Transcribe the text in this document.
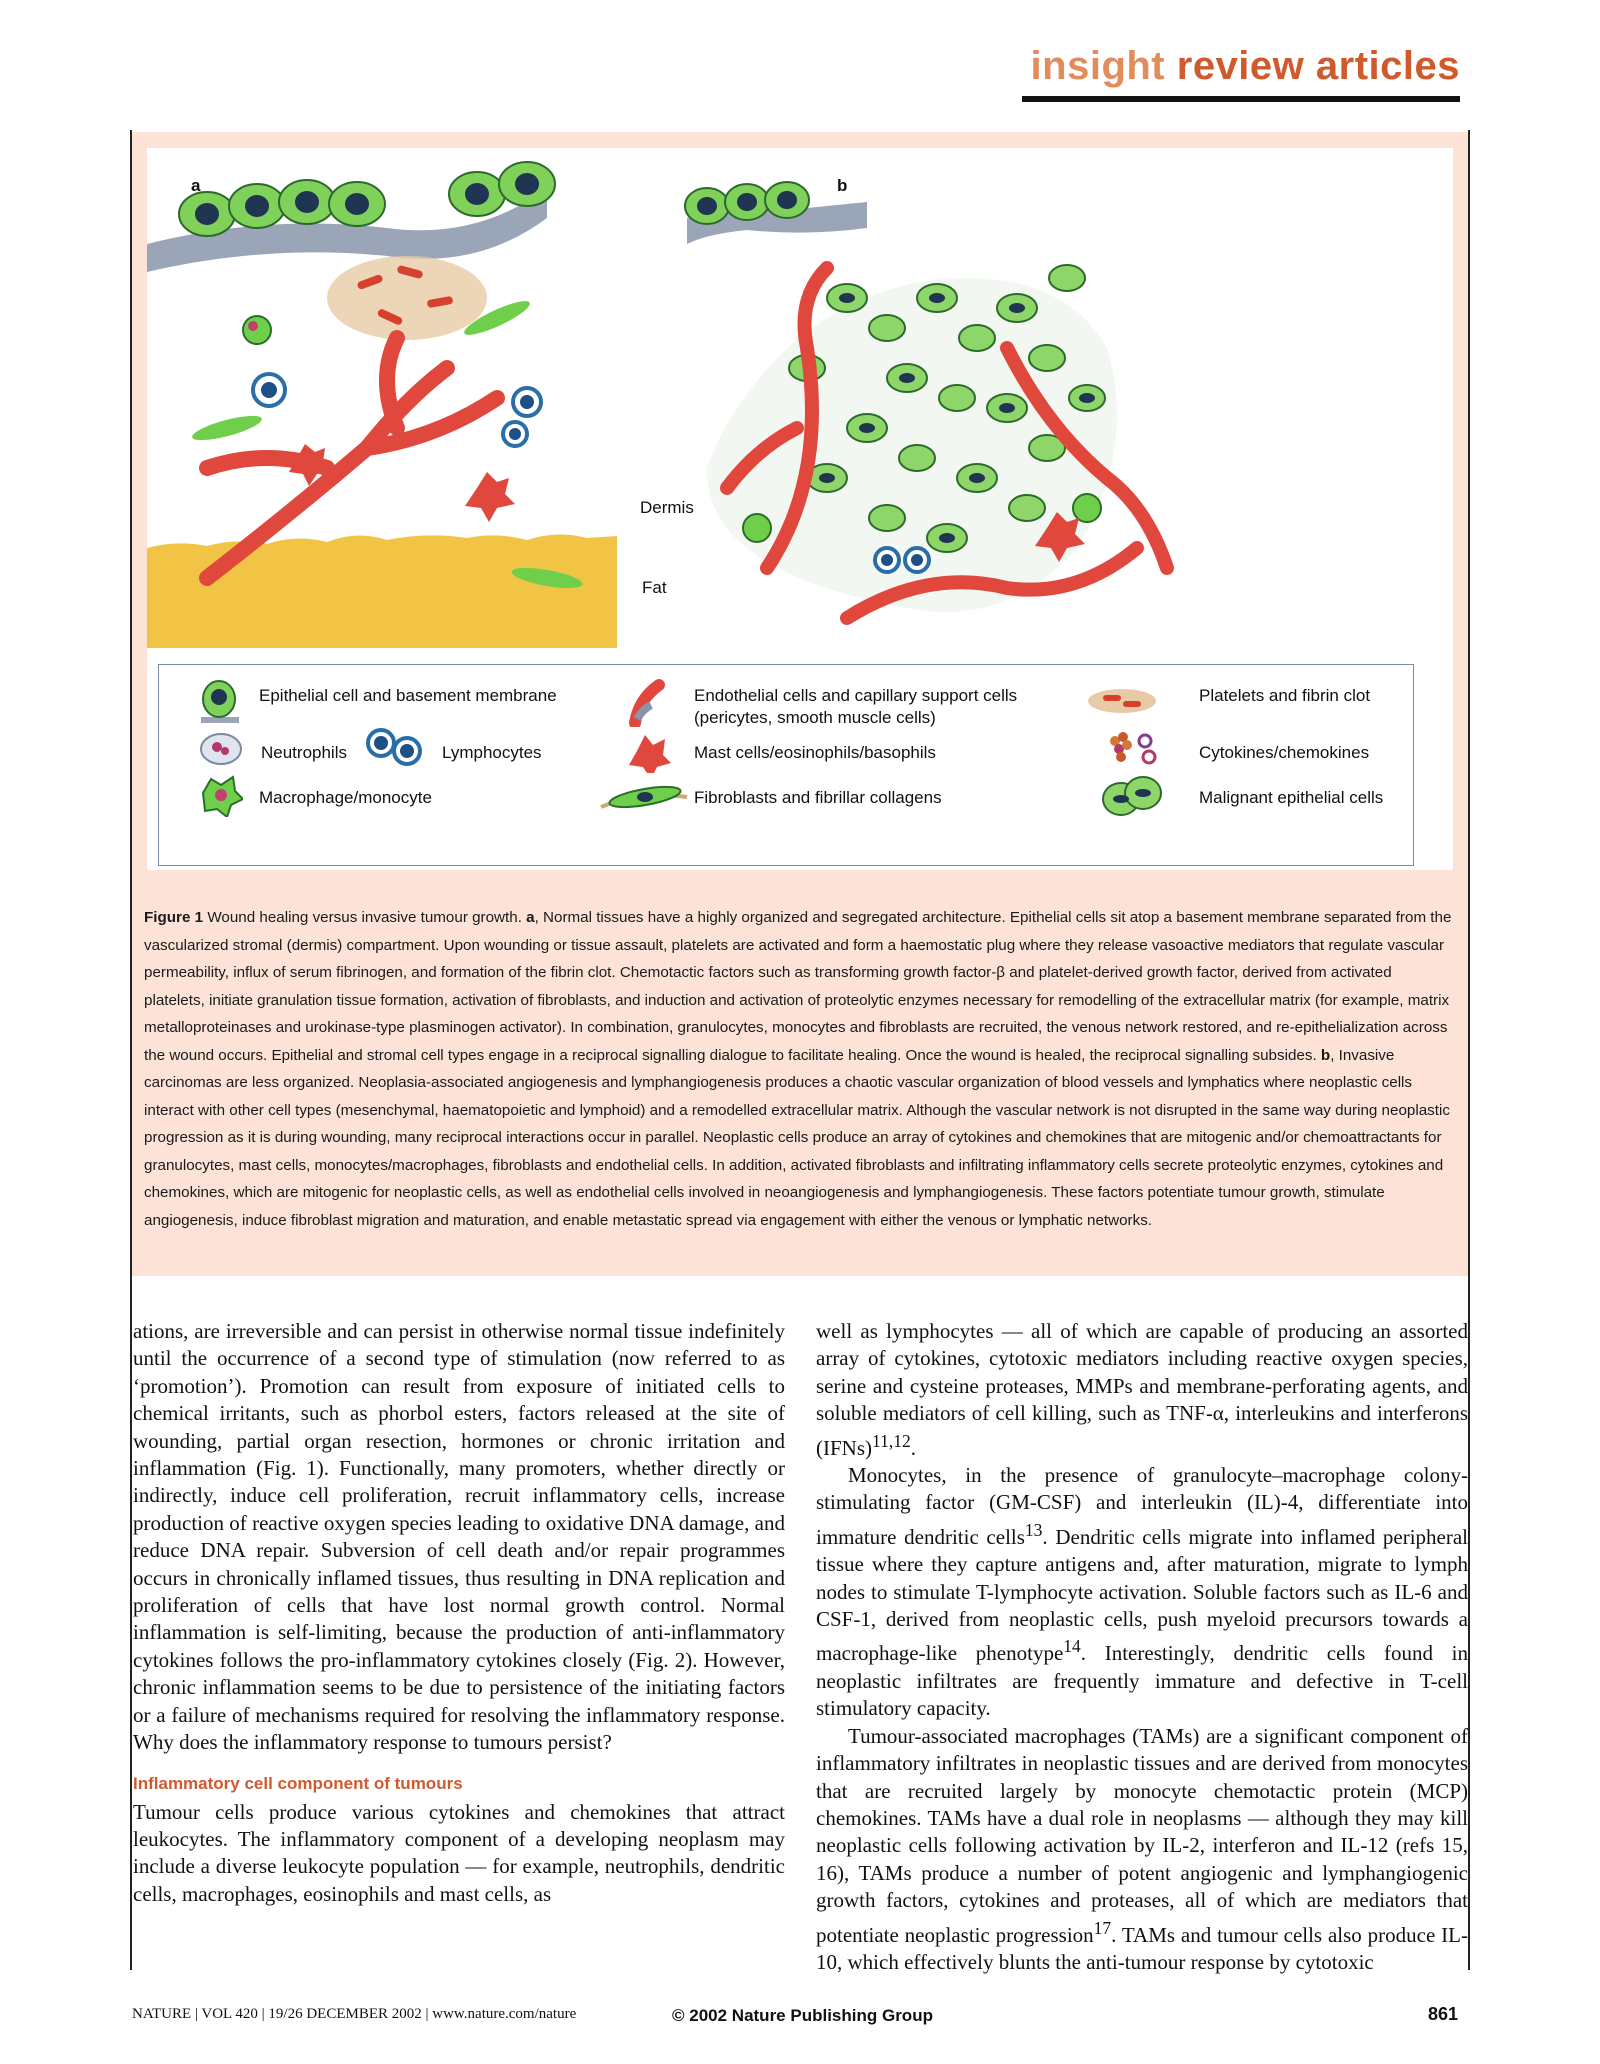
insight review articles
a	b
Dermis
Fat
Epithelial cell and basement membrane	Endothelial cells and capillary support cells (pericytes, smooth muscle cells)
Platelets and fibrin clot
Neutrophils	Lymphocytes	Mast cells/eosinophils/basophils	Cytokines/chemokines
Macrophage/monocyte	Fibroblasts and fibrillar collagens	Malignant epithelial cells
Figure 1 Wound healing versus invasive tumour growth. a, Normal tissues have a highly organized and segregated architecture. Epithelial cells sit atop a basement membrane separated from the vascularized stromal (dermis) compartment. Upon wounding or tissue assault, platelets are activated and form a haemostatic plug where they release vasoactive mediators that regulate vascular permeability, influx of serum fibrinogen, and formation of the fibrin clot. Chemotactic factors such as transforming growth factor-β and platelet-derived growth factor, derived from activated platelets, initiate granulation tissue formation, activation of fibroblasts, and induction and activation of proteolytic enzymes necessary for remodelling of the extracellular matrix (for example, matrix metalloproteinases and urokinase-type plasminogen activator). In combination, granulocytes, monocytes and fibroblasts are recruited, the venous network restored, and re-epithelialization across the wound occurs. Epithelial and stromal cell types engage in a reciprocal signalling dialogue to facilitate healing. Once the wound is healed, the reciprocal signalling subsides. b, Invasive carcinomas are less organized. Neoplasia-associated angiogenesis and lymphangiogenesis produces a chaotic vascular organization of blood vessels and lymphatics where neoplastic cells interact with other cell types (mesenchymal, haematopoietic and lymphoid) and a remodelled extracellular matrix. Although the vascular network is not disrupted in the same way during neoplastic progression as it is during wounding, many reciprocal interactions occur in parallel. Neoplastic cells produce an array of cytokines and chemokines that are mitogenic and/or chemoattractants for granulocytes, mast cells, monocytes/macrophages, fibroblasts and endothelial cells. In addition, activated fibroblasts and infiltrating inflammatory cells secrete proteolytic enzymes, cytokines and chemokines, which are mitogenic for neoplastic cells, as well as endothelial cells involved in neoangiogenesis and lymphangiogenesis. These factors potentiate tumour growth, stimulate angiogenesis, induce fibroblast migration and maturation, and enable metastatic spread via engagement with either the venous or lymphatic networks.

ations, are irreversible and can persist in otherwise normal tissue indefinitely until the occurrence of a second type of stimulation (now referred to as ‘promotion’). Promotion can result from exposure of initiated cells to chemical irritants, such as phorbol esters, factors released at the site of wounding, partial organ resection, hormones or chronic irritation and inflammation (Fig. 1). Functionally, many promoters, whether directly or indirectly, induce cell proliferation, recruit inflammatory cells, increase production of reactive oxygen species leading to oxidative DNA damage, and reduce DNA repair. Subversion of cell death and/or repair programmes occurs in chronically inflamed tissues, thus resulting in DNA replication and proliferation of cells that have lost normal growth control. Normal inflammation is self-limiting, because the production of anti-inflammatory cytokines follows the pro-inflammatory cytokines closely (Fig. 2). However, chronic inflammation seems to be due to persistence of the initiating factors or a failure of mechanisms required for resolving the inflammatory response. Why does the inflammatory response to tumours persist?

Inflammatory cell component of tumours

Tumour cells produce various cytokines and chemokines that attract leukocytes. The inflammatory component of a developing neoplasm may include a diverse leukocyte population — for example, neutrophils, dendritic cells, macrophages, eosinophils and mast cells, as

well as lymphocytes — all of which are capable of producing an assorted array of cytokines, cytotoxic mediators including reactive oxygen species, serine and cysteine proteases, MMPs and membrane-perforating agents, and soluble mediators of cell killing, such as TNF-α, interleukins and interferons (IFNs)$^{11,12}$.

Monocytes, in the presence of granulocyte–macrophage colony-stimulating factor (GM-CSF) and interleukin (IL)-4, differentiate into immature dendritic cells$^{13}$. Dendritic cells migrate into inflamed peripheral tissue where they capture antigens and, after maturation, migrate to lymph nodes to stimulate T-lymphocyte activation. Soluble factors such as IL-6 and CSF-1, derived from neoplastic cells, push myeloid precursors towards a macrophage-like phenotype$^{14}$. Interestingly, dendritic cells found in neoplastic infiltrates are frequently immature and defective in T-cell stimulatory capacity.

Tumour-associated macrophages (TAMs) are a significant component of inflammatory infiltrates in neoplastic tissues and are derived from monocytes that are recruited largely by monocyte chemotactic protein (MCP) chemokines. TAMs have a dual role in neoplasms — although they may kill neoplastic cells following activation by IL-2, interferon and IL-12 (refs 15, 16), TAMs produce a number of potent angiogenic and lymphangiogenic growth factors, cytokines and proteases, all of which are mediators that potentiate neoplastic progression$^{17}$. TAMs and tumour cells also produce IL-10, which effectively blunts the anti-tumour response by cytotoxic

NATURE | VOL 420 | 19/26 DECEMBER 2002 | www.nature.com/nature	© 2002 Nature Publishing Group	861
